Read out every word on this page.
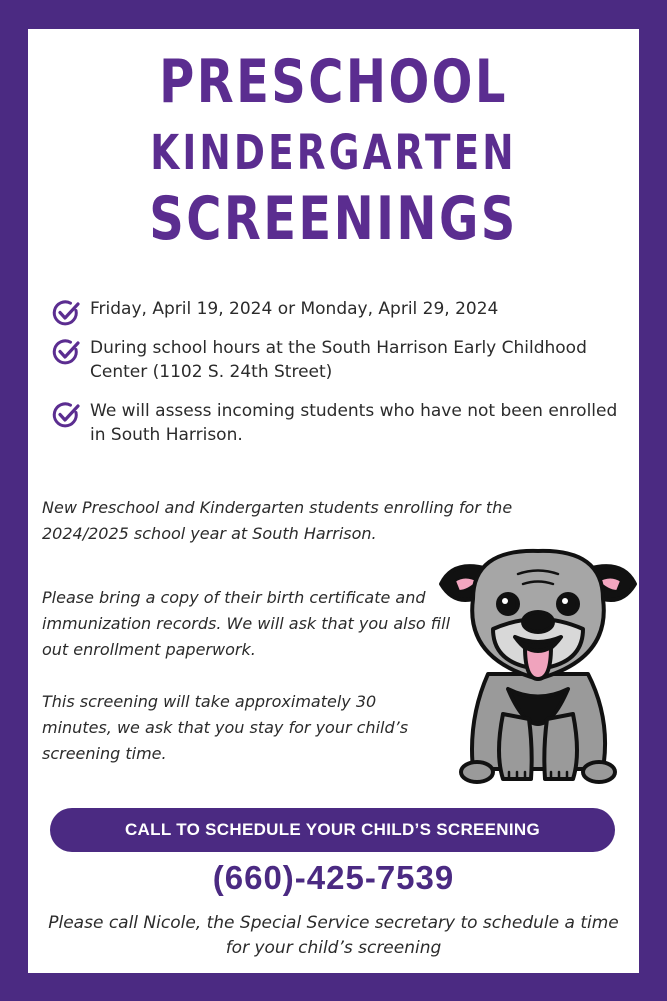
PRESCHOOL
KINDERGARTEN
SCREENINGS
Friday, April 19, 2024 or Monday, April 29, 2024
During school hours at the South Harrison Early Childhood Center (1102 S. 24th Street)
We will assess incoming students who have not been enrolled in South Harrison.

New Preschool and Kindergarten students enrolling for the 2024/2025 school year at South Harrison.

Please bring a copy of their birth certificate and immunization records. We will ask that you also fill out enrollment paperwork.

This screening will take approximately 30 minutes, we ask that you stay for your child’s screening time.

CALL TO SCHEDULE YOUR CHILD’S SCREENING
(660)-425-7539

Please call Nicole, the Special Service secretary to schedule a time for your child’s screening
